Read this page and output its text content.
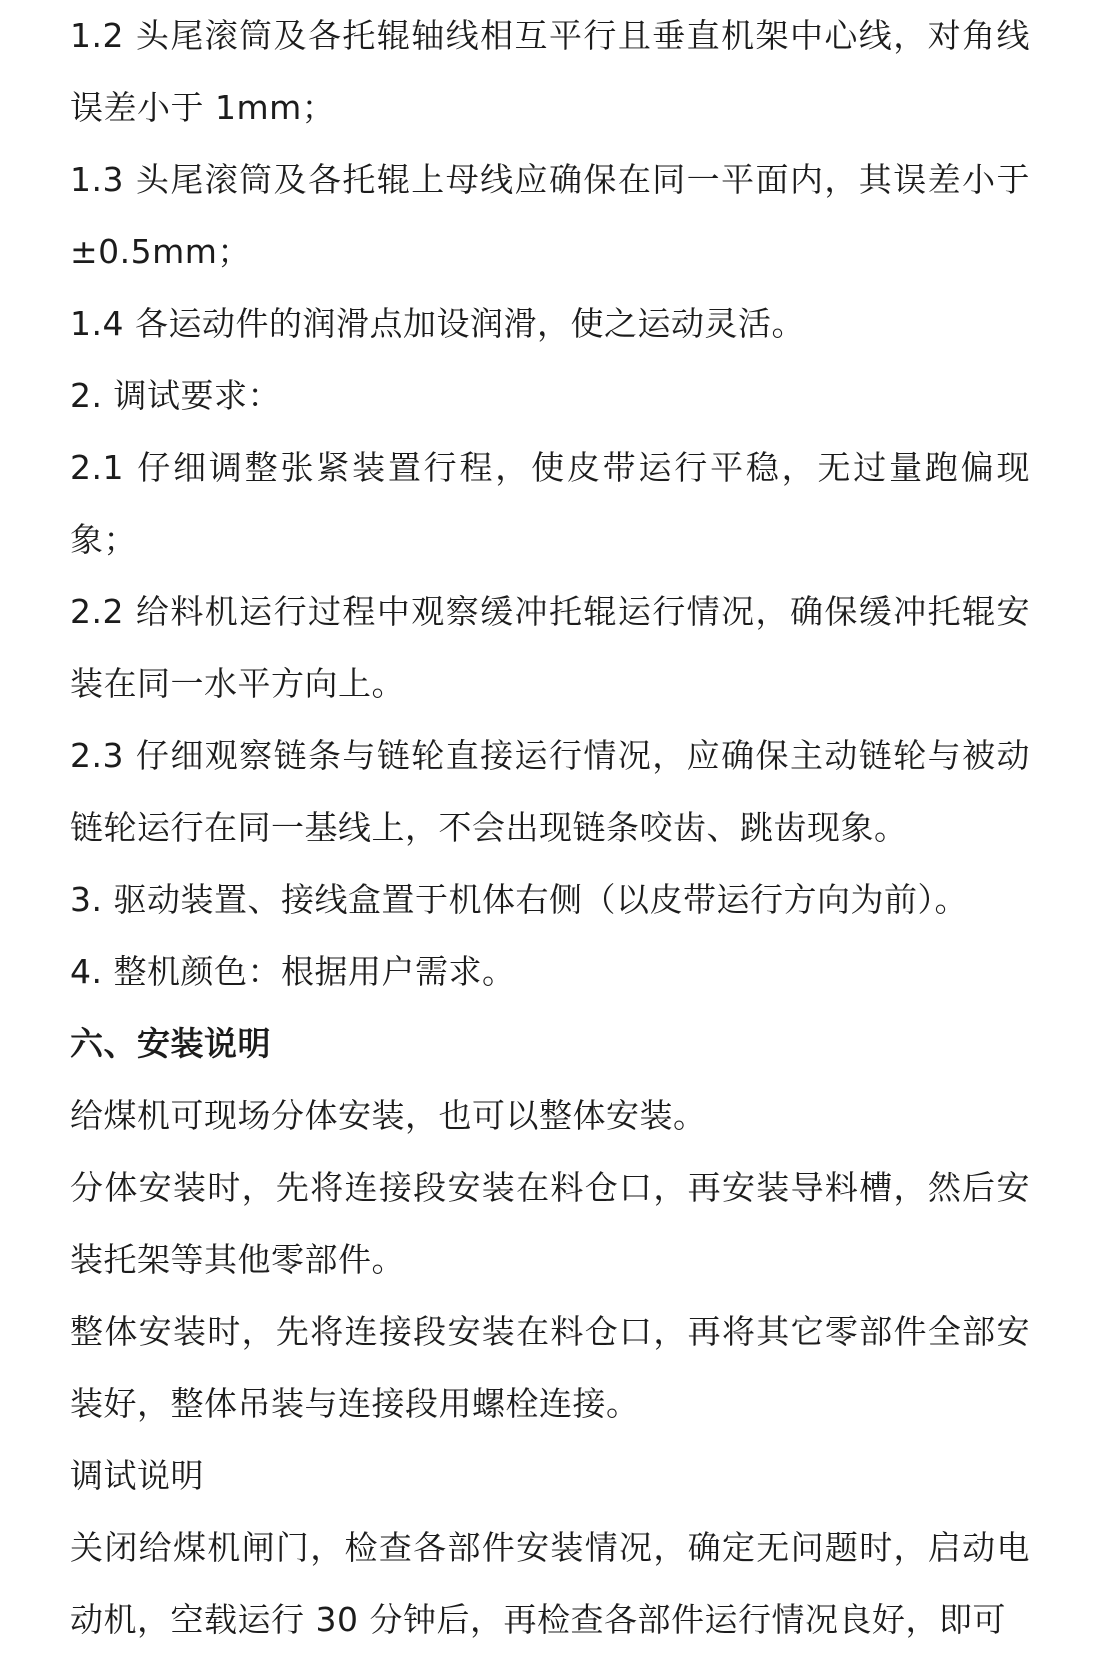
1.2 头尾滚筒及各托辊轴线相互平行且垂直机架中心线，对角线误差小于 1mm；

1.3 头尾滚筒及各托辊上母线应确保在同一平面内，其误差小于±0.5mm；

1.4 各运动件的润滑点加设润滑，使之运动灵活。

2. 调试要求：

2.1 仔细调整张紧装置行程，使皮带运行平稳，无过量跑偏现象；

2.2 给料机运行过程中观察缓冲托辊运行情况，确保缓冲托辊安装在同一水平方向上。

2.3 仔细观察链条与链轮直接运行情况，应确保主动链轮与被动链轮运行在同一基线上，不会出现链条咬齿、跳齿现象。

3. 驱动装置、接线盒置于机体右侧（以皮带运行方向为前）。

4. 整机颜色：根据用户需求。

六、安装说明

给煤机可现场分体安装，也可以整体安装。

分体安装时，先将连接段安装在料仓口，再安装导料槽，然后安装托架等其他零部件。

整体安装时，先将连接段安装在料仓口，再将其它零部件全部安装好，整体吊装与连接段用螺栓连接。

调试说明

关闭给煤机闸门，检查各部件安装情况，确定无问题时，启动电动机，空载运行 30 分钟后，再检查各部件运行情况良好，即可
